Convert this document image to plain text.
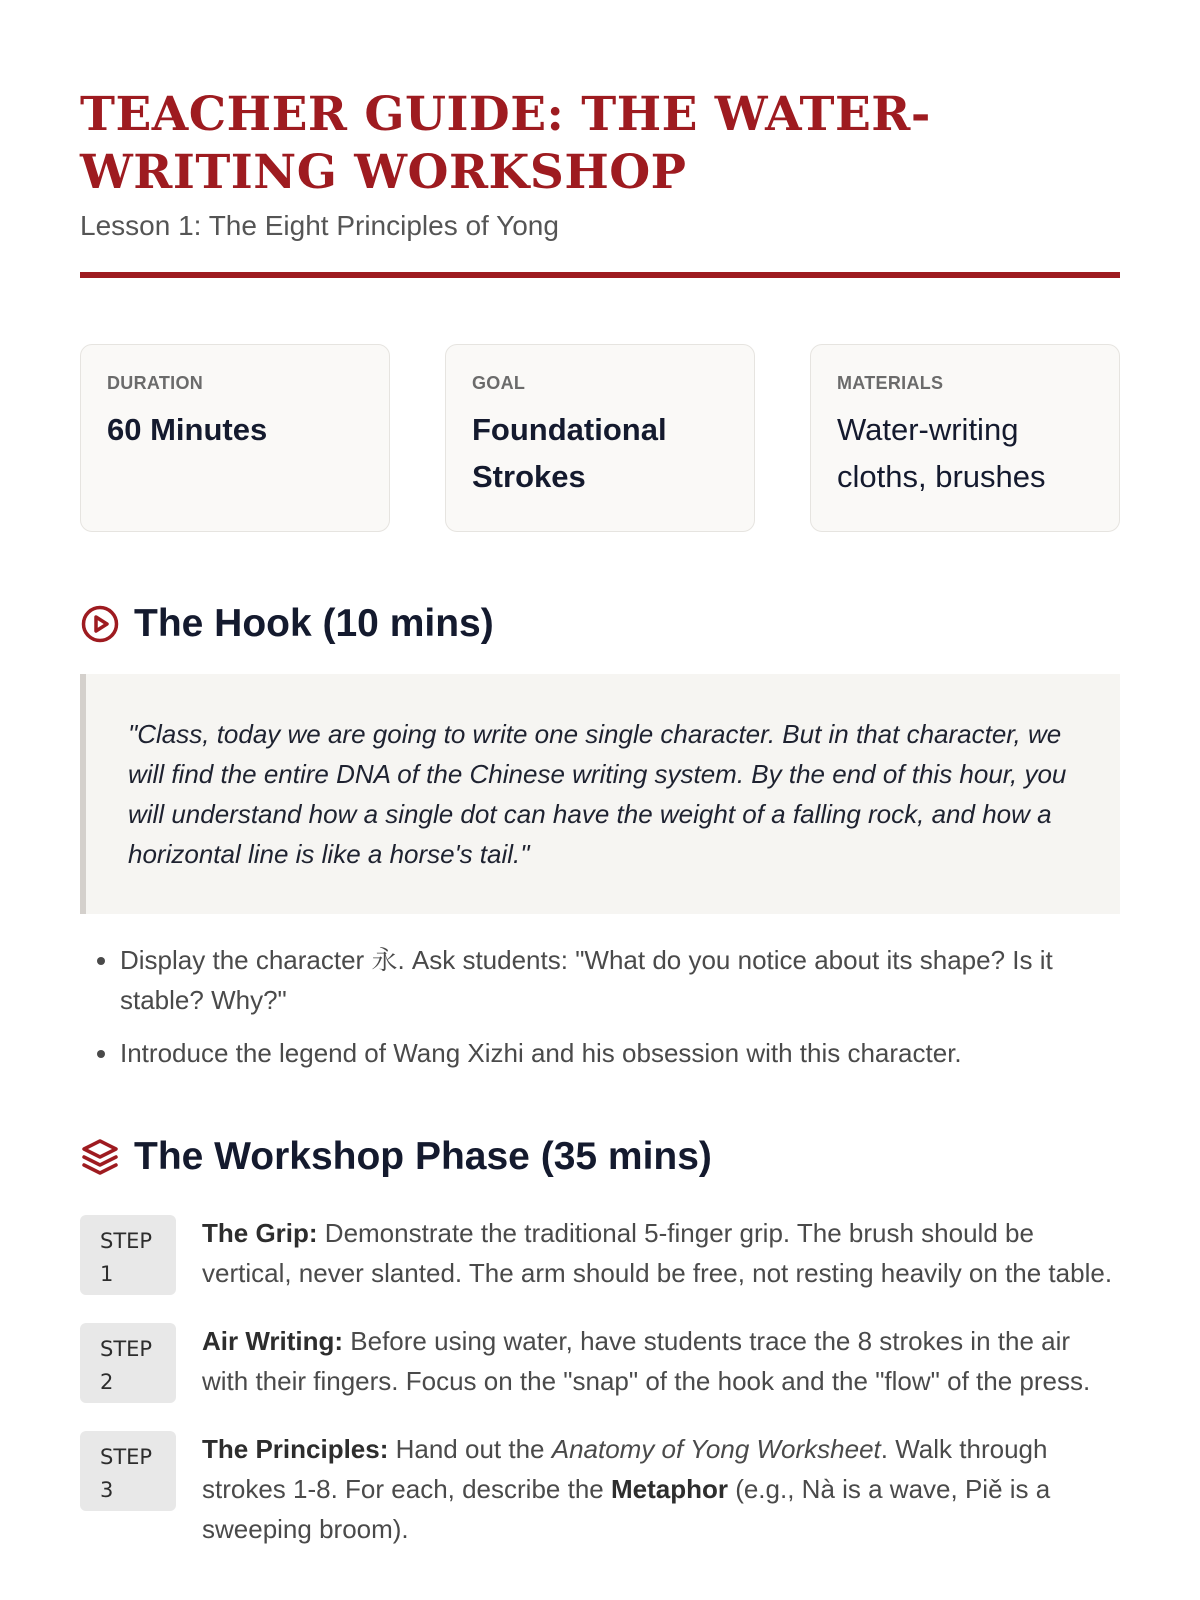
TEACHER GUIDE: THE WATER-WRITING WORKSHOP
Lesson 1: The Eight Principles of Yong
DURATION
60 Minutes
GOAL
Foundational Strokes
MATERIALS
Water-writing cloths, brushes
The Hook (10 mins)
"Class, today we are going to write one single character. But in that character, we will find the entire DNA of the Chinese writing system. By the end of this hour, you will understand how a single dot can have the weight of a falling rock, and how a horizontal line is like a horse's tail."
• Display the character 永. Ask students: "What do you notice about its shape? Is it stable? Why?"
• Introduce the legend of Wang Xizhi and his obsession with this character.
The Workshop Phase (35 mins)
STEP
1
The Grip: Demonstrate the traditional 5-finger grip. The brush should be vertical, never slanted. The arm should be free, not resting heavily on the table.
STEP
2
Air Writing: Before using water, have students trace the 8 strokes in the air with their fingers. Focus on the "snap" of the hook and the "flow" of the press.
STEP
3
The Principles: Hand out the Anatomy of Yong Worksheet. Walk through strokes 1-8. For each, describe the Metaphor (e.g., Nà is a wave, Piě is a sweeping broom).
